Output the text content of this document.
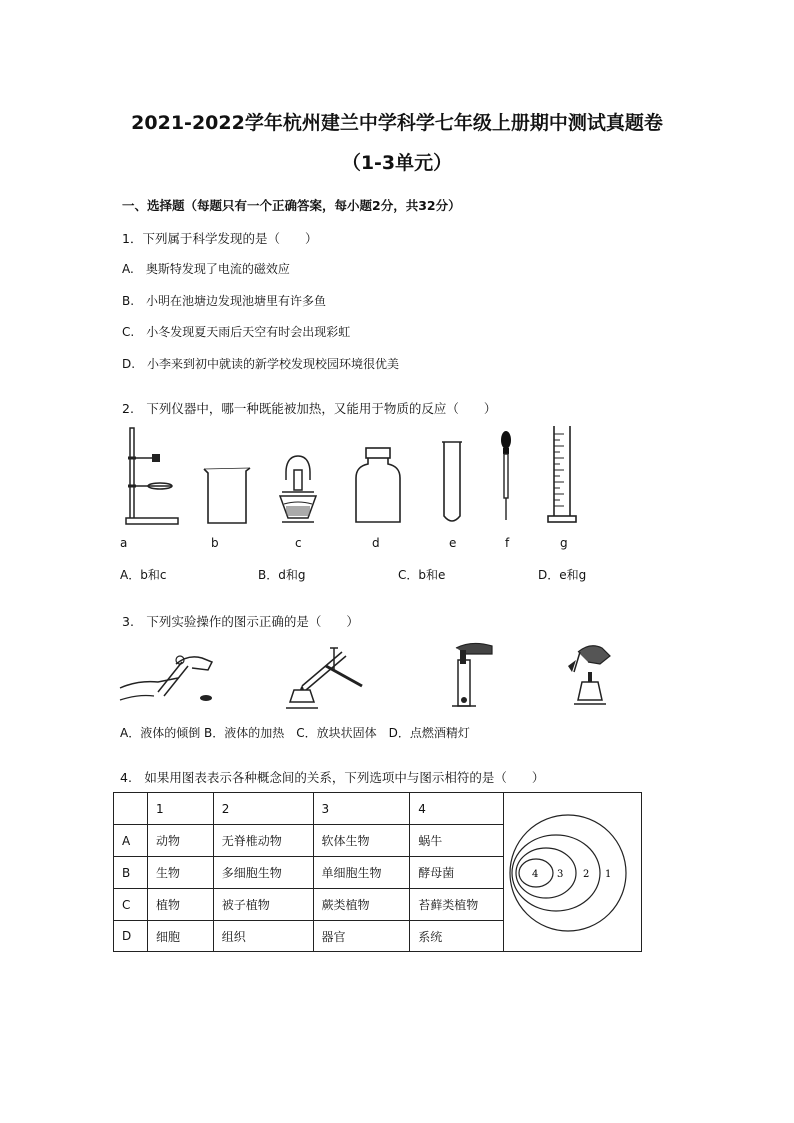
2021-2022学年杭州建兰中学科学七年级上册期中测试真题卷
（1-3单元）
一、选择题（每题只有一个正确答案，每小题2分，共32分）
1．下列属于科学发现的是（　　）
A.　奥斯特发现了电流的磁效应
B.　小明在池塘边发现池塘里有许多鱼
C.　小冬发现夏天雨后天空有时会出现彩虹
D.　小李来到初中就读的新学校发现校园环境很优美
2.　下列仪器中，哪一种既能被加热，又能用于物质的反应（　　）
a	b	c	d	e	f	g
A．b和c	B．d和g	C．b和e	D．e和g
3.　下列实验操作的图示正确的是（　　）
A．液体的倾倒 B．液体的加热　C．放块状固体　D．点燃酒精灯
4.　如果用图表表示各种概念间的关系，下列选项中与图示相符的是（　　）
	1	2	3	4	4 3 2 1

A	动物	无脊椎动物	软体生物	蜗牛	
B	生物	多细胞生物	单细胞生物	酵母菌	
C	植物	被子植物	蕨类植物	苔藓类植物	
D	细胞	组织	器官	系统	
